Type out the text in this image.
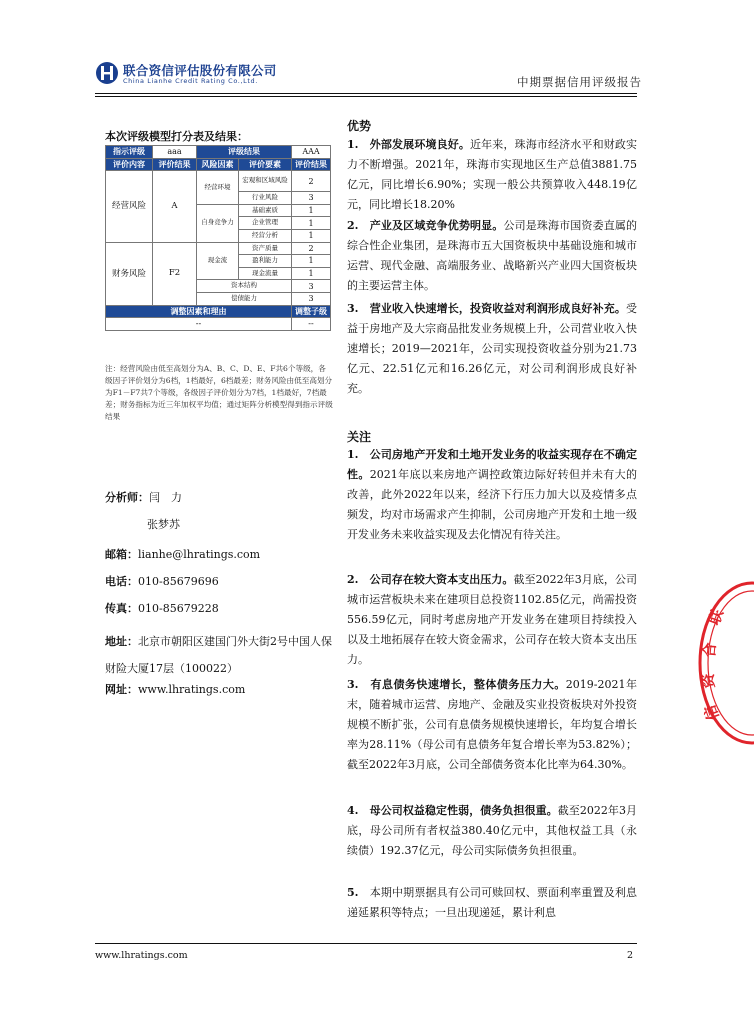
联合资信评估股份有限公司
China Lianhe Credit Rating Co.,Ltd.	中期票据信用评级报告
本次评级模型打分表及结果：
指示评级	aaa	评级结果		AAA
评价内容	评价结果	风险因素	评价要素	评价结果
经营风险	A	经营环境	宏观和区域风险	2
			行业风险	3
		自身竞争力	基础素质	1
			企业管理	1
			经营分析	1
财务风险	F2	现金流	资产质量	2
			盈利能力	1
			现金流量	1
		资本结构		3
		偿债能力		3
调整因素和理由				调整子级
--				--
注：经营风险由低至高划分为A、B、C、D、E、F共6个等级，各级因子评价划分为6档，1档最好，6档最差；财务风险由低至高划分为F1－F7共7个等级，各级因子评价划分为7档，1档最好，7档最差；财务指标为近三年加权平均值；通过矩阵分析模型得到指示评级结果
分析师：闫　力
张梦苏
邮箱：lianhe@lhratings.com
电话：010-85679696
传真：010-85679228
地址：北京市朝阳区建国门外大街2号中国人保财险大厦17层（100022）
网址：www.lhratings.com
优势
1.　 外部发展环境良好。近年来，珠海市经济水平和财政实力不断增强。2021年，珠海市实现地区生产总值3881.75亿元，同比增长6.90%；实现一般公共预算收入448.19亿元，同比增长18.20%
2.　 产业及区域竞争优势明显。公司是珠海市国资委直属的综合性企业集团，是珠海市五大国资板块中基础设施和城市运营、现代金融、高端服务业、战略新兴产业四大国资板块的主要运营主体。
3.　 营业收入快速增长，投资收益对利润形成良好补充。受益于房地产及大宗商品批发业务规模上升，公司营业收入快速增长；2019—2021年，公司实现投资收益分别为21.73亿元、22.51亿元和16.26亿元，对公司利润形成良好补充。
关注
1.　 公司房地产开发和土地开发业务的收益实现存在不确定性。2021年底以来房地产调控政策边际好转但并未有大的改善，此外2022年以来，经济下行压力加大以及疫情多点频发，均对市场需求产生抑制，公司房地产开发和土地一级开发业务未来收益实现及去化情况有待关注。
2.　 公司存在较大资本支出压力。截至2022年3月底，公司城市运营板块未来在建项目总投资1102.85亿元，尚需投资556.59亿元，同时考虑房地产开发业务在建项目持续投入以及土地拓展存在较大资金需求，公司存在较大资本支出压力。
3.　 有息债务快速增长，整体债务压力大。2019-2021年末，随着城市运营、房地产、金融及实业投资板块对外投资规模不断扩张，公司有息债务规模快速增长，年均复合增长率为28.11%（母公司有息债务年复合增长率为53.82%）；截至2022年3月底，公司全部债务资本化比率为64.30%。
4.　 母公司权益稳定性弱，债务负担很重。截至2022年3月底，母公司所有者权益380.40亿元中，其他权益工具（永续债）192.37亿元，母公司实际债务负担很重。
5.　 本期中期票据具有公司可赎回权、票面利率重置及利息递延累积等特点；一旦出现递延，累计利息
www.lhratings.com	2
联
合
资
信
